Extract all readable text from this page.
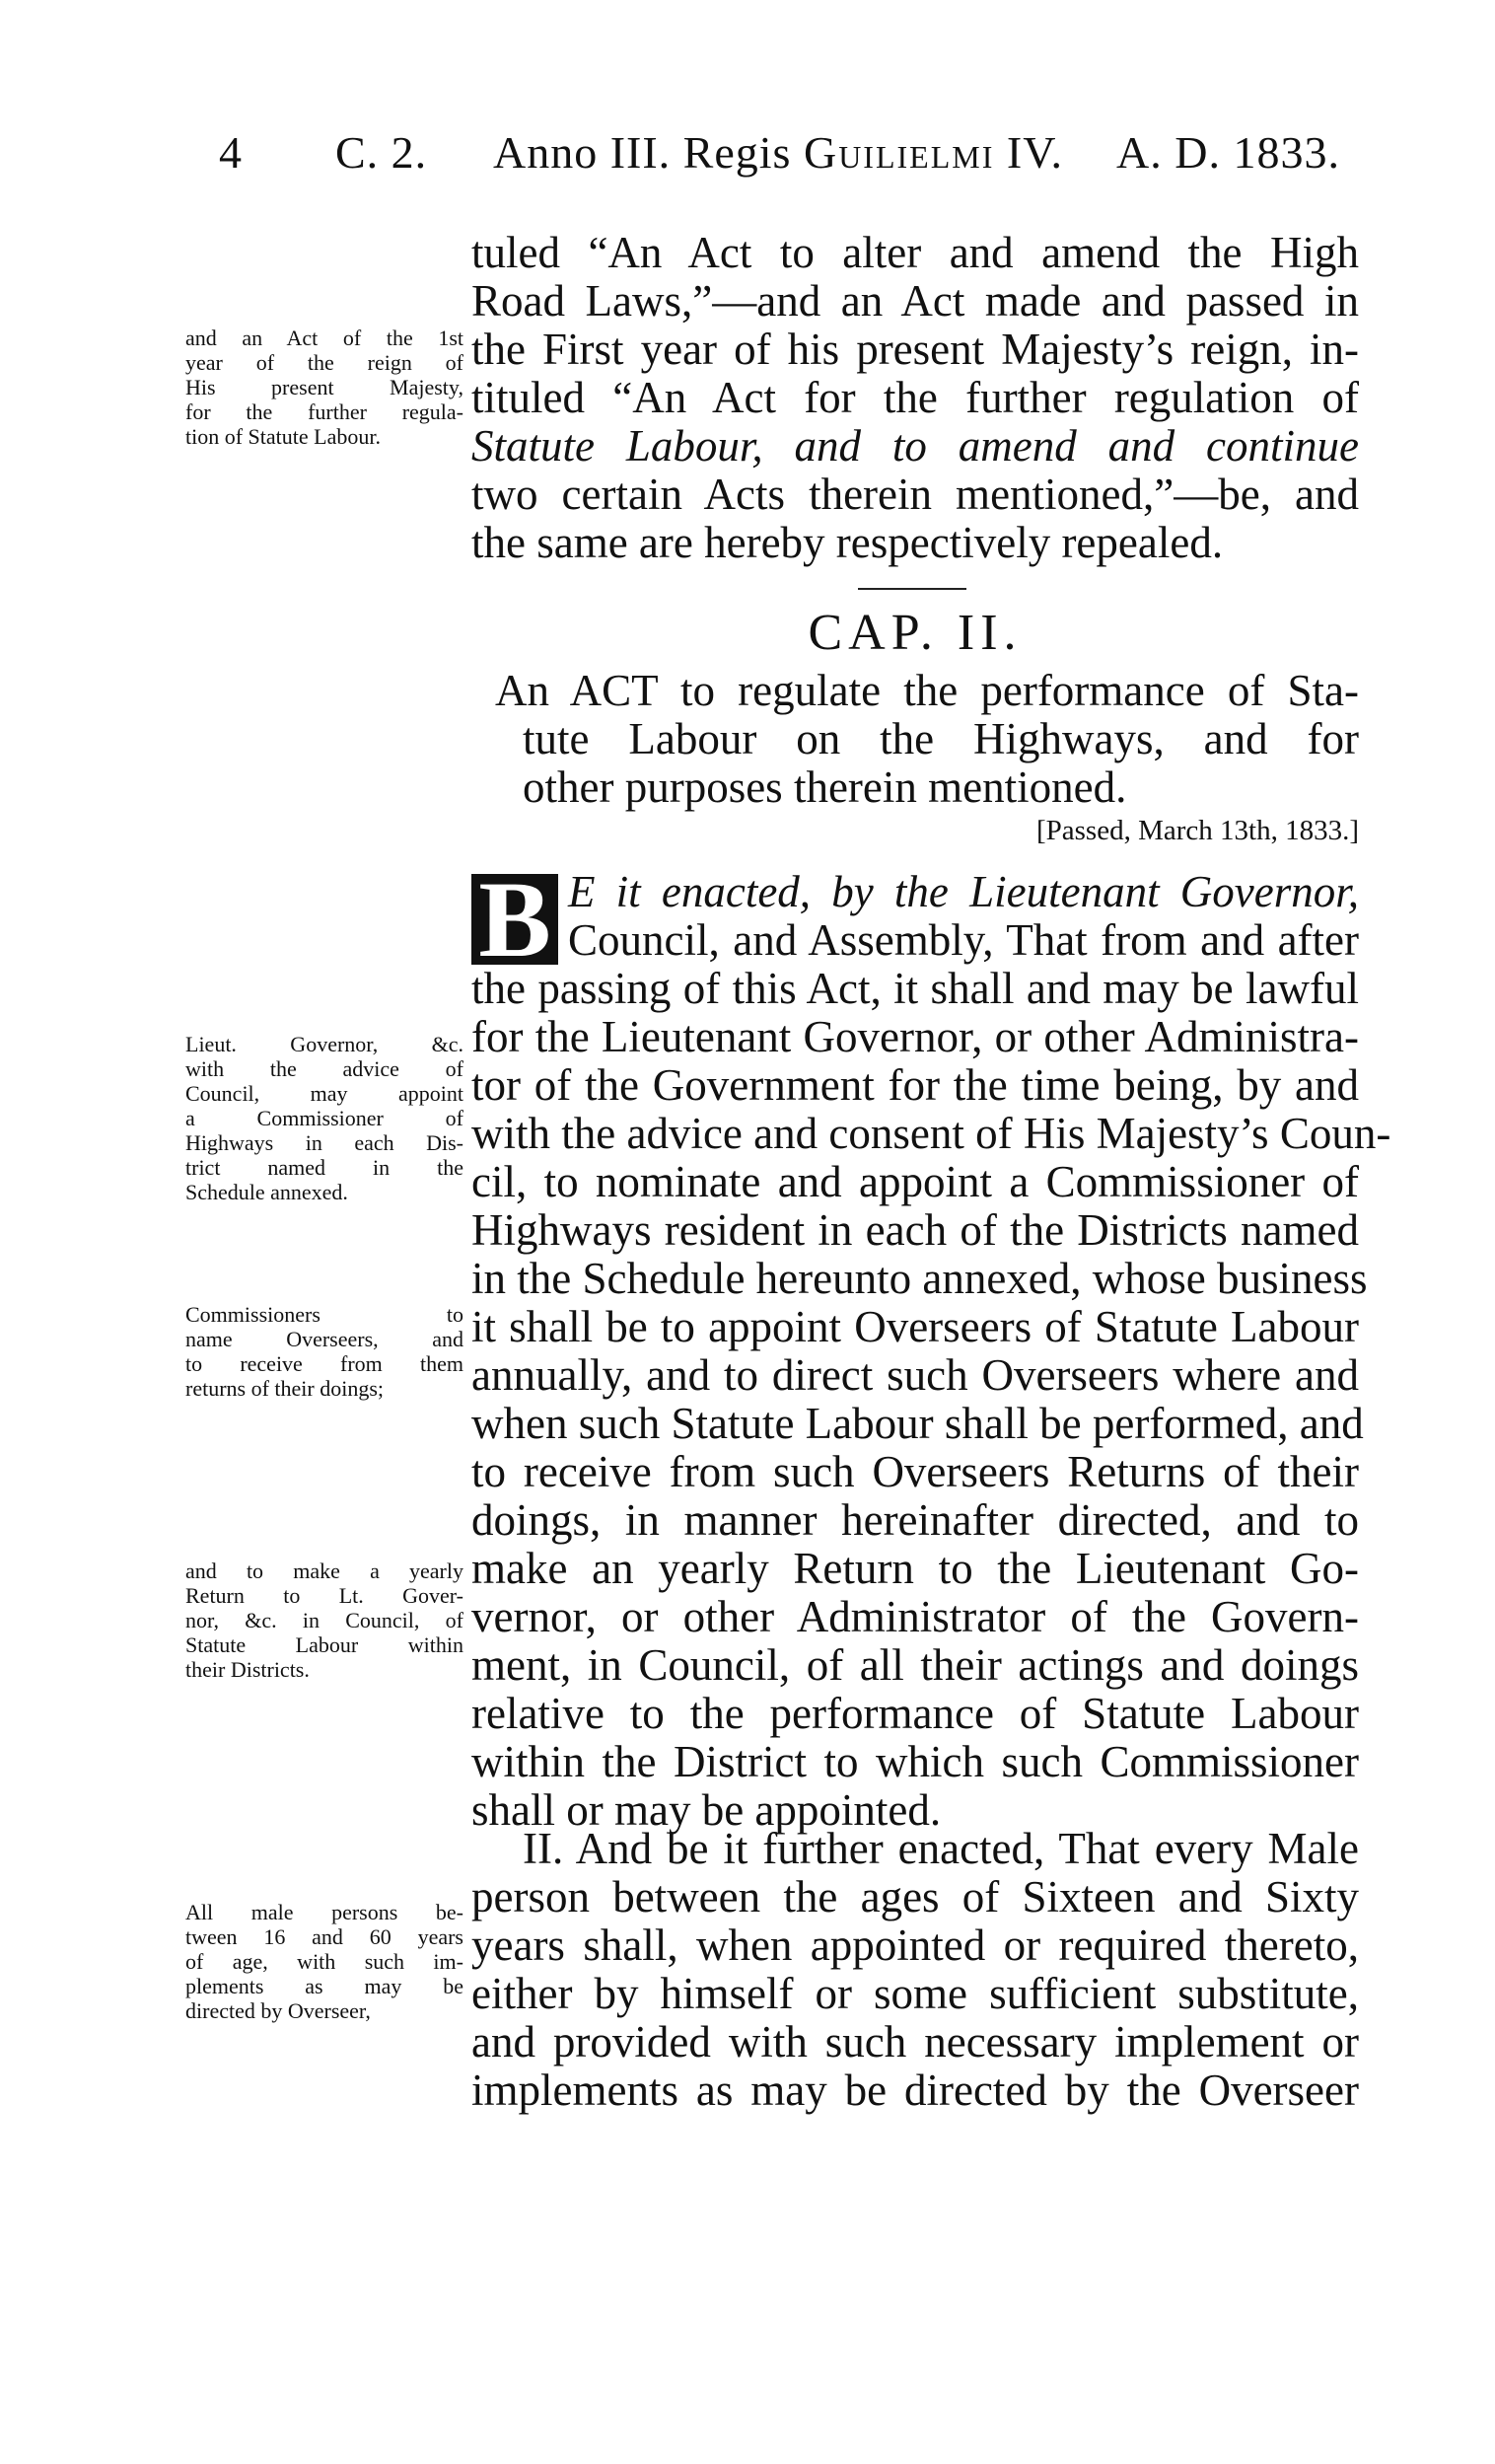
4 C. 2. Anno III. Regis Guilielmi IV. A. D. 1833.
tuled “An Act to alter and amend the High
Road Laws,”—and an Act made and passed in
the First year of his present Majesty’s reign, in-
tituled “An Act for the further regulation of
Statute Labour, and to amend and continue
two certain Acts therein mentioned,”—be, and
the same are hereby respectively repealed.
CAP. II.
An ACT to regulate the performance of Sta-
tute Labour on the Highways, and for
other purposes therein mentioned.
[Passed, March 13th, 1833.]
B E it enacted, by the Lieutenant Governor,
Council, and Assembly, That from and after
the passing of this Act, it shall and may be lawful
for the Lieutenant Governor, or other Administra-
tor of the Government for the time being, by and
with the advice and consent of His Majesty’s Coun-
cil, to nominate and appoint a Commissioner of
Highways resident in each of the Districts named
in the Schedule hereunto annexed, whose business
it shall be to appoint Overseers of Statute Labour
annually, and to direct such Overseers where and
when such Statute Labour shall be performed, and
to receive from such Overseers Returns of their
doings, in manner hereinafter directed, and to
make an yearly Return to the Lieutenant Go-
vernor, or other Administrator of the Govern-
ment, in Council, of all their actings and doings
relative to the performance of Statute Labour
within the District to which such Commissioner
shall or may be appointed.
II. And be it further enacted, That every Male
person between the ages of Sixteen and Sixty
years shall, when appointed or required thereto,
either by himself or some sufficient substitute,
and provided with such necessary implement or
implements as may be directed by the Overseer
and an Act of the 1st
year of the reign of
His present Majesty,
for the further regula-
tion of Statute Labour.
Lieut. Governor, &c.
with the advice of
Council, may appoint
a Commissioner of
Highways in each Dis-
trict named in the
Schedule annexed.
Commissioners to
name Overseers, and
to receive from them
returns of their doings;
and to make a yearly
Return to Lt. Gover-
nor, &c. in Council, of
Statute Labour within
their Districts.
All male persons be-
tween 16 and 60 years
of age, with such im-
plements as may be
directed by Overseer,
